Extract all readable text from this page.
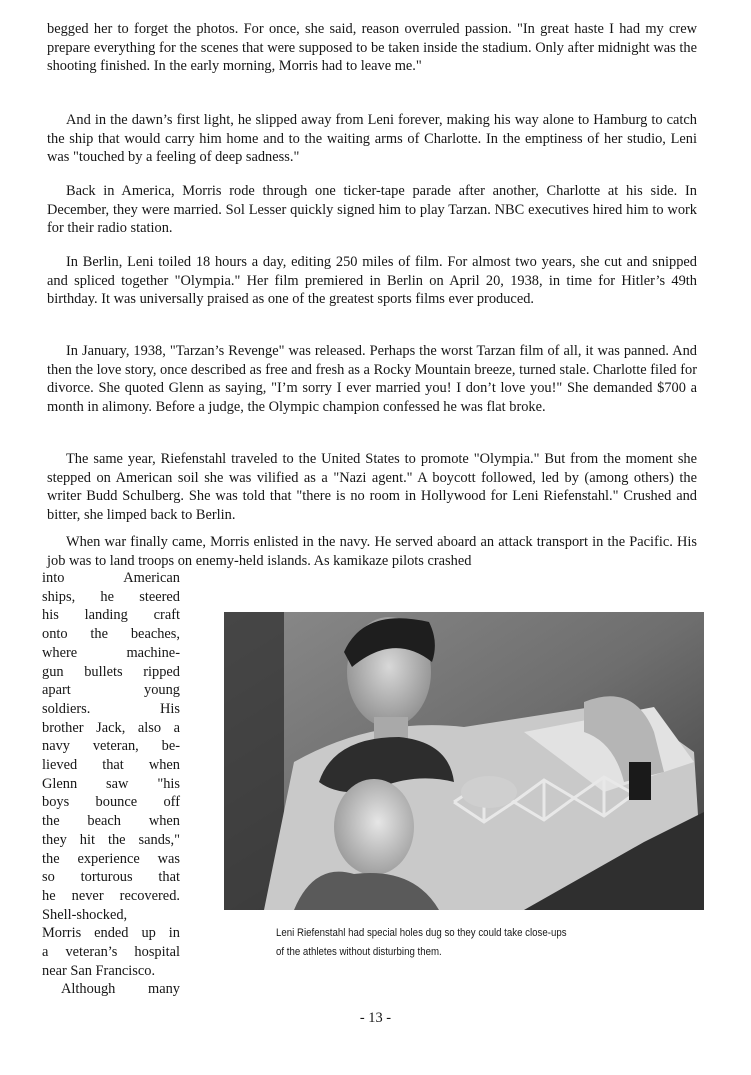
begged her to forget the photos. For once, she said, reason overruled passion. "In great haste I had my crew prepare everything for the scenes that were supposed to be taken inside the stadium. Only after midnight was the shooting finished. In the early morning, Morris had to leave me."

And in the dawn’s first light, he slipped away from Leni forever, making his way alone to Hamburg to catch the ship that would carry him home and to the waiting arms of Charlotte. In the emptiness of her studio, Leni was "touched by a feeling of deep sadness."

Back in America, Morris rode through one ticker-tape parade after another, Charlotte at his side. In December, they were married. Sol Lesser quickly signed him to play Tarzan. NBC executives hired him to work for their radio station.

In Berlin, Leni toiled 18 hours a day, editing 250 miles of film. For almost two years, she cut and snipped and spliced together "Olympia." Her film premiered in Berlin on April 20, 1938, in time for Hitler’s 49th birthday. It was universally praised as one of the greatest sports films ever produced.

In January, 1938, "Tarzan’s Revenge" was released. Perhaps the worst Tarzan film of all, it was panned. And then the love story, once described as free and fresh as a Rocky Mountain breeze, turned stale. Charlotte filed for divorce. She quoted Glenn as saying, "I’m sorry I ever married you! I don’t love you!" She demanded $700 a month in alimony. Before a judge, the Olympic champion confessed he was flat broke.

The same year, Riefenstahl traveled to the United States to promote "Olympia." But from the moment she stepped on American soil she was vilified as a "Nazi agent." A boycott followed, led by (among others) the writer Budd Schulberg. She was told that "there is no room in Hollywood for Leni Riefenstahl." Crushed and bitter, she limped back to Berlin.

When war finally came, Morris enlisted in the navy. He served aboard an attack transport in the Pacific. His job was to land troops on enemy-held islands. As kamikaze pilots crashed

into American
ships, he steered
his landing craft
onto the beaches,
where machine-
gun bullets ripped
apart young
soldiers. His
brother Jack, also a
navy veteran, be-
lieved that when
Glenn saw "his
boys bounce off
the beach when
they hit the sands,"
the experience was
so torturous that
he never recovered.
Shell-shocked,
Morris ended up in
a veteran’s hospital
near San Francisco.
Although many

Leni Riefenstahl had special holes dug so they could take close-ups
of the athletes without disturbing them.

- 13 -
